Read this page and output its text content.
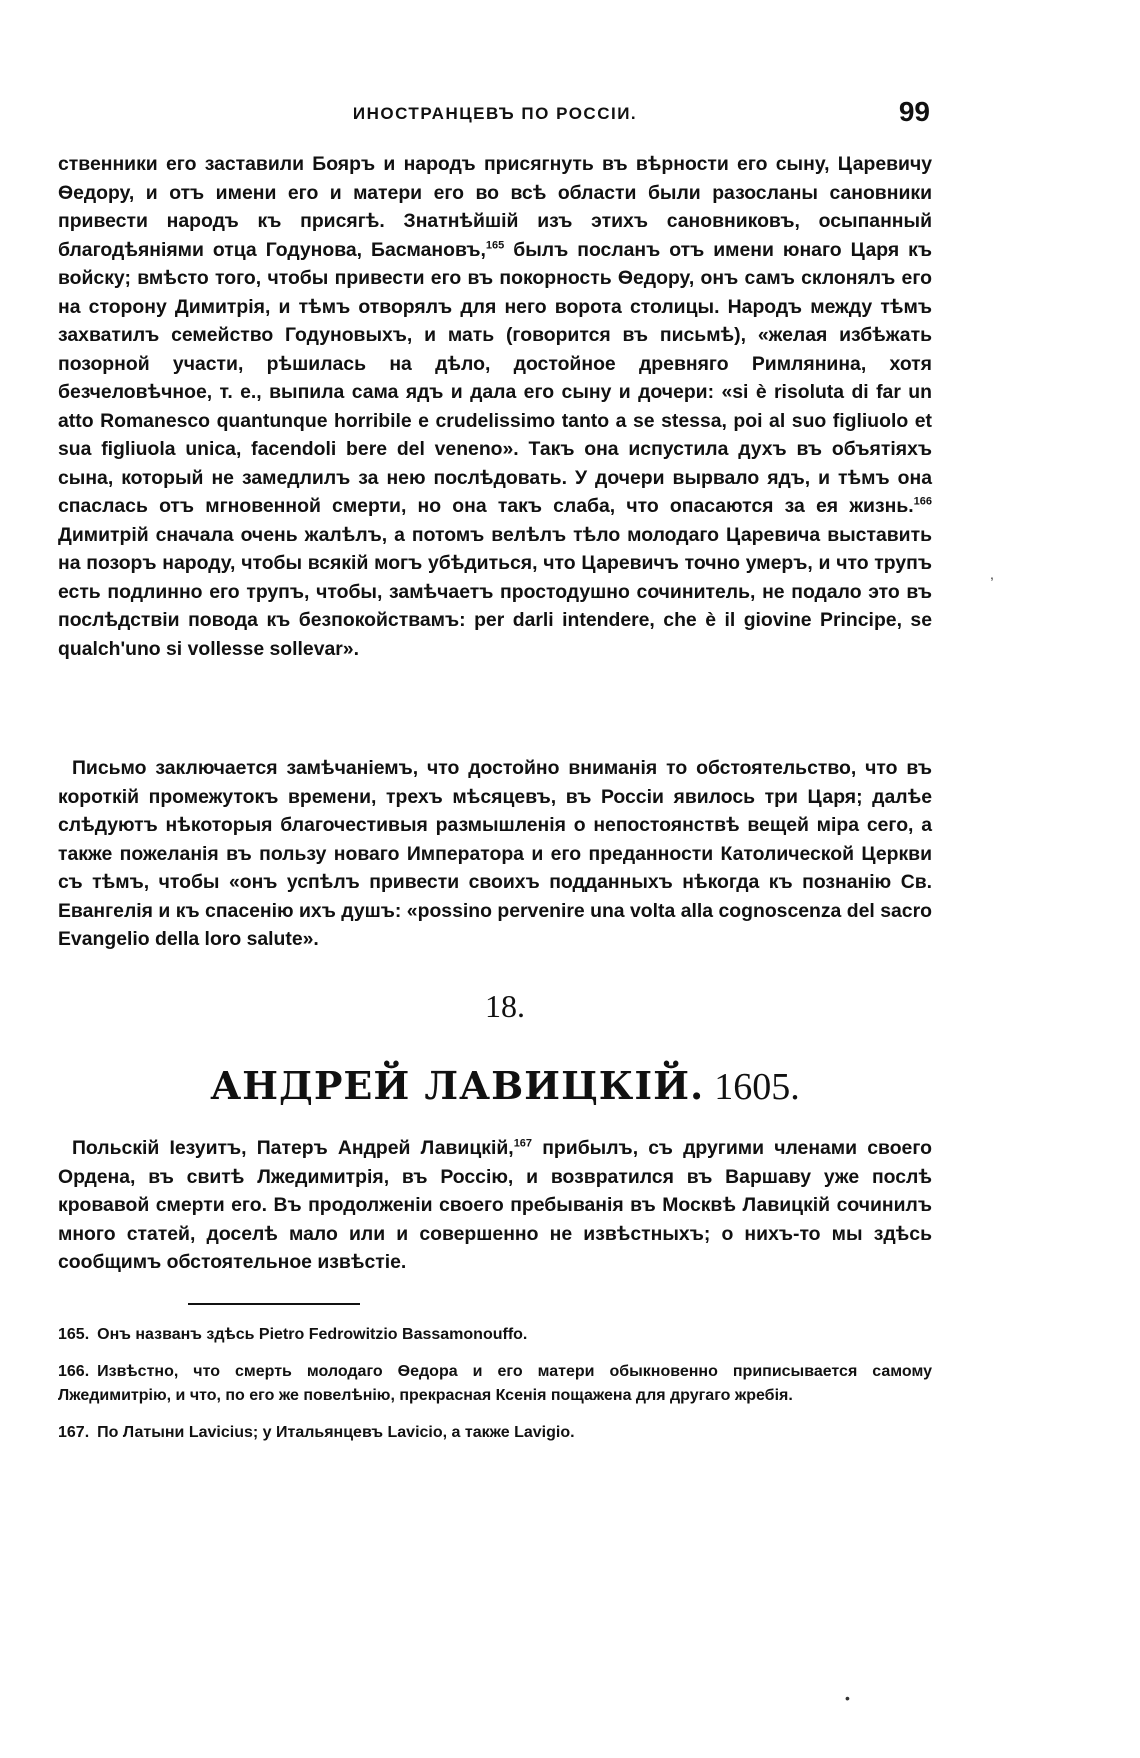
ИНОСТРАНЦЕВЪ ПО РОССІИ.	99

ственники его заставили Бояръ и народъ присягнуть въ вѣрности его сыну, Царевичу Ѳедору, и отъ имени его и матери его во всѣ области были разосланы сановники привести народъ къ присягѣ. Знатнѣйшій изъ этихъ сановниковъ, осыпанный благодѣяніями отца Годунова, Басмановъ,$^{165}$ былъ посланъ отъ имени юнаго Царя къ войску; вмѣсто того, чтобы привести его въ покорность Ѳедору, онъ самъ склонялъ его на сторону Димитрія, и тѣмъ отворялъ для него ворота столицы. Народъ между тѣмъ захватилъ семейство Годуновыхъ, и мать (говорится въ письмѣ), «желая избѣжать позорной участи, рѣшилась на дѣло, достойное древняго Римлянина, хотя безчеловѣчное, т. е., выпила сама ядъ и дала его сыну и дочери: «si è risoluta di far un atto Romanesco quantunque horribile e crudelissimo tanto a se stessa, poi al suo figliuolo et sua figliuola unica, facendoli bere del veneno». Такъ она испустила духъ въ объятіяхъ сына, который не замедлилъ за нею послѣдовать. У дочери вырвало ядъ, и тѣмъ она спаслась отъ мгновенной смерти, но она такъ слаба, что опасаются за ея жизнь.$^{166}$ Димитрій сначала очень жалѣлъ, а потомъ велѣлъ тѣло молодаго Царевича выставить на позоръ народу, чтобы всякій могъ убѣдиться, что Царевичъ точно умеръ, и что трупъ есть подлинно его трупъ, чтобы, замѣчаетъ простодушно сочинитель, не подало это въ послѣдствіи повода къ безпокойствамъ: per darli intendere, che è il giovine Principe, se qualch'uno si vollesse sollevar».

Письмо заключается замѣчаніемъ, что достойно вниманія то обстоятельство, что въ короткій промежутокъ времени, трехъ мѣсяцевъ, въ Россіи явилось три Царя; далѣе слѣдуютъ нѣкоторыя благочестивыя размышленія о непостоянствѣ вещей міра сего, а также пожеланія въ пользу новаго Императора и его преданности Католической Церкви съ тѣмъ, чтобы «онъ успѣлъ привести своихъ подданныхъ нѣкогда къ познанію Св. Евангелія и къ спасенію ихъ душъ: «possino pervenire una volta alla cognoscenza del sacro Evangelio della loro salute».

18.
АНДРЕЙ ЛАВИЦКІЙ. 1605.

Польскій Іезуитъ, Патеръ Андрей Лавицкій,$^{167}$ прибылъ, съ другими членами своего Ордена, въ свитѣ Лжедимитрія, въ Россію, и возвратился въ Варшаву уже послѣ кровавой смерти его. Въ продолженіи своего пребыванія въ Москвѣ Лавицкій сочинилъ много статей, доселѣ мало или и совершенно не извѣстныхъ; о нихъ-то мы здѣсь сообщимъ обстоятельное извѣстіе.

165. Онъ названъ здѣсь Pietro Fedrowitzio Bassamonouffo.

166. Извѣстно, что смерть молодаго Ѳедора и его матери обыкновенно приписывается самому Лжедимитрію, и что, по его же повелѣнію, прекрасная Ксенія пощажена для другаго жребія.

167. По Латыни Lavicius; у Итальянцевъ Lavicio, а также Lavigio.

,
•
